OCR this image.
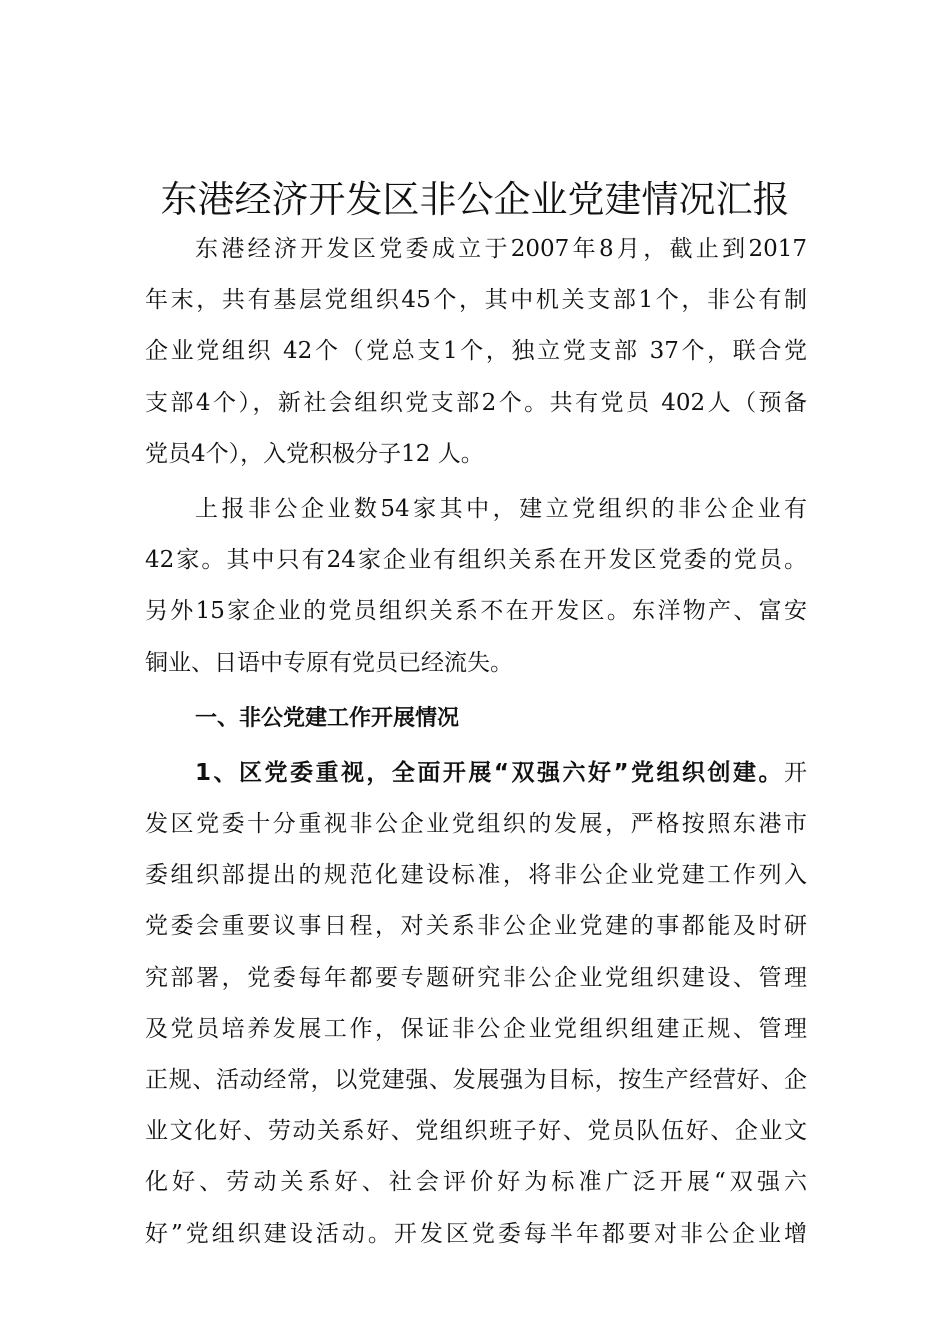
东港经济开发区非公企业党建情况汇报
东港经济开发区党委成立于2007年8月，截止到2017
年末，共有基层党组织45个，其中机关支部1个，非公有制
企业党组织 42个（党总支1个，独立党支部 37个，联合党
支部4个），新社会组织党支部2个。共有党员 402人（预备
党员4个），入党积极分子12 人。
上报非公企业数54家其中，建立党组织的非公企业有
42家。其中只有24家企业有组织关系在开发区党委的党员。
另外15家企业的党员组织关系不在开发区。东洋物产、富安
铜业、日语中专原有党员已经流失。
一、非公党建工作开展情况
1、区党委重视，全面开展“双强六好”党组织创建。开
发区党委十分重视非公企业党组织的发展，严格按照东港市
委组织部提出的规范化建设标准，将非公企业党建工作列入
党委会重要议事日程，对关系非公企业党建的事都能及时研
究部署，党委每年都要专题研究非公企业党组织建设、管理
及党员培养发展工作，保证非公企业党组织组建正规、管理
正规、活动经常，以党建强、发展强为目标，按生产经营好、企
业文化好、劳动关系好、党组织班子好、党员队伍好、企业文
化好、劳动关系好、社会评价好为标准广泛开展“双强六
好”党组织建设活动。开发区党委每半年都要对非公企业增
